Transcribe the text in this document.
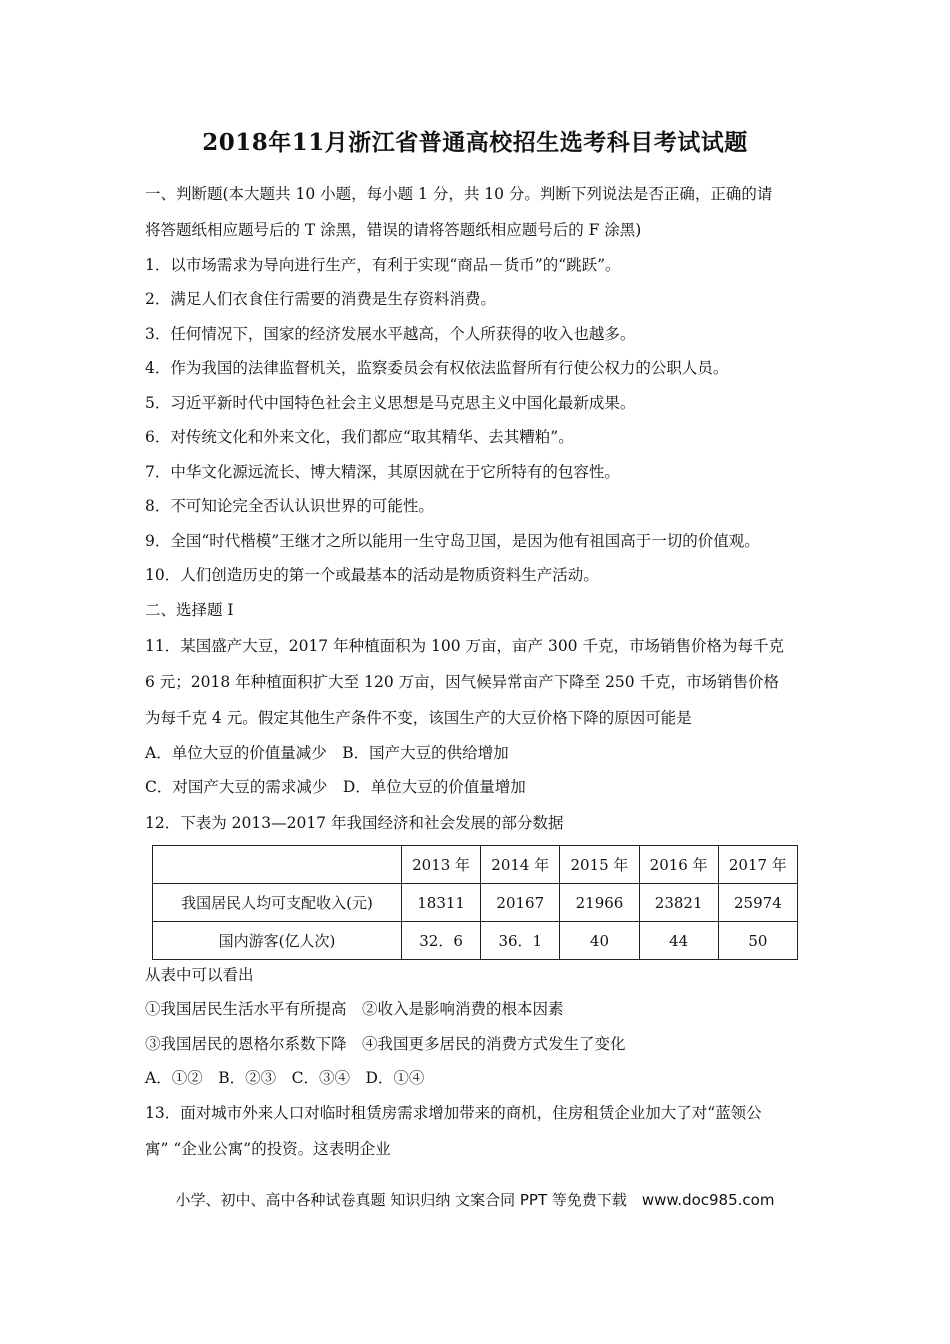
2018年11月浙江省普通高校招生选考科目考试试题
一、判断题(本大题共 10 小题，每小题 1 分，共 10 分。判断下列说法是否正确，正确的请
将答题纸相应题号后的 T 涂黑，错误的请将答题纸相应题号后的 F 涂黑)
1．以市场需求为导向进行生产，有利于实现“商品－货币”的“跳跃”。
2．满足人们衣食住行需要的消费是生存资料消费。
3．任何情况下，国家的经济发展水平越高，个人所获得的收入也越多。
4．作为我国的法律监督机关，监察委员会有权依法监督所有行使公权力的公职人员。
5．习近平新时代中国特色社会主义思想是马克思主义中国化最新成果。
6．对传统文化和外来文化，我们都应“取其精华、去其糟粕”。
7．中华文化源远流长、博大精深，其原因就在于它所特有的包容性。
8．不可知论完全否认认识世界的可能性。
9．全国“时代楷模”王继才之所以能用一生守岛卫国，是因为他有祖国高于一切的价值观。
10．人们创造历史的第一个或最基本的活动是物质资料生产活动。
二、选择题 I
11．某国盛产大豆，2017 年种植面积为 100 万亩，亩产 300 千克，市场销售价格为每千克
6 元；2018 年种植面积扩大至 120 万亩，因气候异常亩产下降至 250 千克，市场销售价格
为每千克 4 元。假定其他生产条件不变，该国生产的大豆价格下降的原因可能是
A．单位大豆的价值量减少　B．国产大豆的供给增加
C．对国产大豆的需求减少　D．单位大豆的价值量增加
12．下表为 2013—2017 年我国经济和社会发展的部分数据
	2013 年	2014 年	2015 年	2016 年	2017 年
我国居民人均可支配收入(元)	18311	20167	21966	23821	25974
国内游客(亿人次)	32．6	36．1	40	44	50
从表中可以看出
①我国居民生活水平有所提高　②收入是影响消费的根本因素
③我国居民的恩格尔系数下降　④我国更多居民的消费方式发生了变化
A．①②　B．②③　C．③④　D．①④
13．面对城市外来人口对临时租赁房需求增加带来的商机，住房租赁企业加大了对“蓝领公
寓” “企业公寓”的投资。这表明企业
小学、初中、高中各种试卷真题 知识归纳 文案合同 PPT 等免费下载　www.doc985.com
